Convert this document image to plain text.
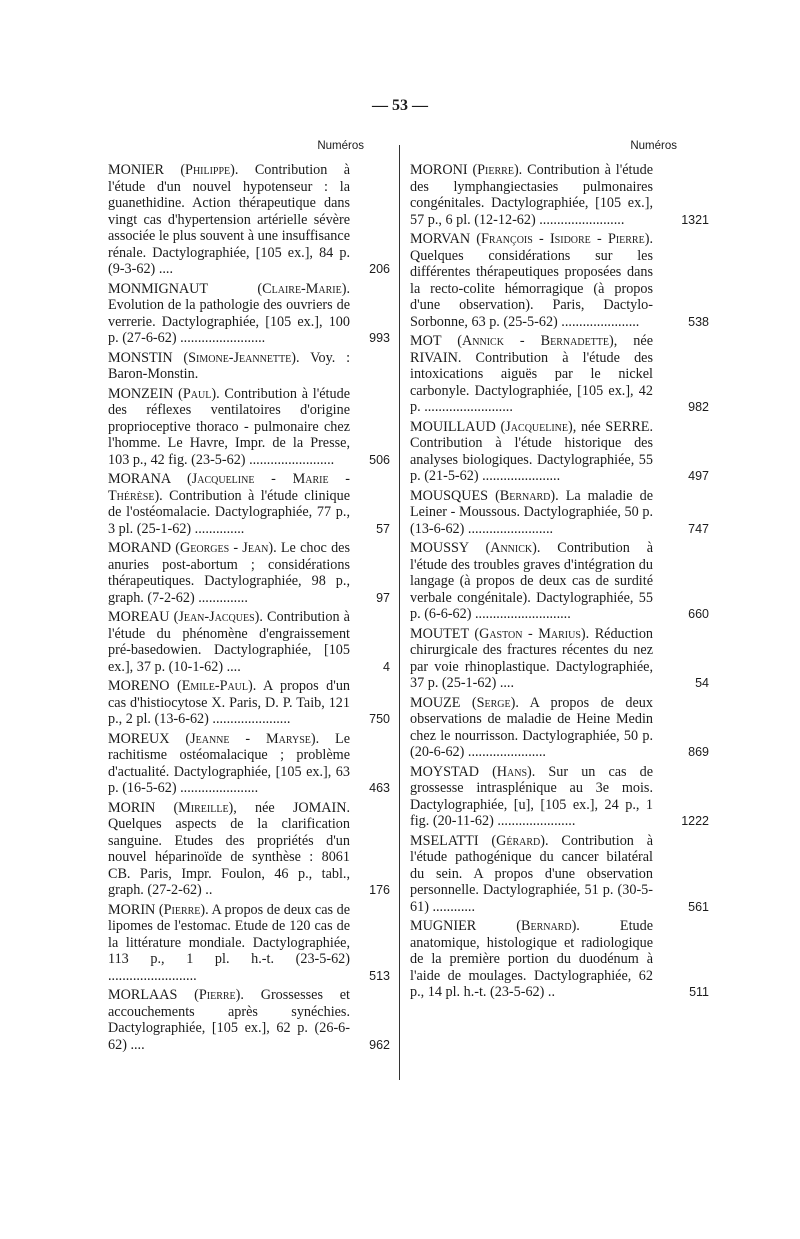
— 53 —
Numéros
MONIER (Philippe). Contribution à l'étude d'un nouvel hypotenseur : la guanethidine. Action thérapeutique dans vingt cas d'hypertension artérielle sévère associée le plus souvent à une insuffisance rénale. Dactylographiée, [105 ex.], 84 p. (9-3-62) ....	206
MONMIGNAUT (Claire-Marie). Evolution de la pathologie des ouvriers de verrerie. Dactylographiée, [105 ex.], 100 p. (27-6-62) ........................	993
MONSTIN (Simone-Jeannette). Voy. : Baron-Monstin.
MONZEIN (Paul). Contribution à l'étude des réflexes ventilatoires d'origine proprioceptive thoraco - pulmonaire chez l'homme. Le Havre, Impr. de la Presse, 103 p., 42 fig. (23-5-62) ........................	506
MORANA (Jacqueline - Marie - Thérèse). Contribution à l'étude clinique de l'ostéomalacie. Dactylographiée, 77 p., 3 pl. (25-1-62) ..............	57
MORAND (Georges - Jean). Le choc des anuries post-abortum ; considérations thérapeutiques. Dactylographiée, 98 p., graph. (7-2-62) ..............	97
MOREAU (Jean-Jacques). Contribution à l'étude du phénomène d'engraissement pré-basedowien. Dactylographiée, [105 ex.], 37 p. (10-1-62) ....	4
MORENO (Emile-Paul). A propos d'un cas d'histiocytose X. Paris, D. P. Taib, 121 p., 2 pl. (13-6-62) ......................	750
MOREUX (Jeanne - Maryse). Le rachitisme ostéomalacique ; problème d'actualité. Dactylographiée, [105 ex.], 63 p. (16-5-62) ......................	463
MORIN (Mireille), née JOMAIN. Quelques aspects de la clarification sanguine. Etudes des propriétés d'un nouvel héparinoïde de synthèse : 8061 CB. Paris, Impr. Foulon, 46 p., tabl., graph. (27-2-62) ..	176
MORIN (Pierre). A propos de deux cas de lipomes de l'estomac. Etude de 120 cas de la littérature mondiale. Dactylographiée, 113 p., 1 pl. h.-t. (23-5-62) .........................	513
MORLAAS (Pierre). Grossesses et accouchements après synéchies. Dactylographiée, [105 ex.], 62 p. (26-6-62) ....	962
Numéros
MORONI (Pierre). Contribution à l'étude des lymphangiectasies pulmonaires congénitales. Dactylographiée, [105 ex.], 57 p., 6 pl. (12-12-62) ........................	1321
MORVAN (François - Isidore - Pierre). Quelques considérations sur les différentes thérapeutiques proposées dans la recto-colite hémorragique (à propos d'une observation). Paris, Dactylo-Sorbonne, 63 p. (25-5-62) ......................	538
MOT (Annick - Bernadette), née RIVAIN. Contribution à l'étude des intoxications aiguës par le nickel carbonyle. Dactylographiée, [105 ex.], 42 p. .........................	982
MOUILLAUD (Jacqueline), née SERRE. Contribution à l'étude historique des analyses biologiques. Dactylographiée, 55 p. (21-5-62) ......................	497
MOUSQUES (Bernard). La maladie de Leiner - Moussous. Dactylographiée, 50 p. (13-6-62) ........................	747
MOUSSY (Annick). Contribution à l'étude des troubles graves d'intégration du langage (à propos de deux cas de surdité verbale congénitale). Dactylographiée, 55 p. (6-6-62) ...........................	660
MOUTET (Gaston - Marius). Réduction chirurgicale des fractures récentes du nez par voie rhinoplastique. Dactylographiée, 37 p. (25-1-62) ....	54
MOUZE (Serge). A propos de deux observations de maladie de Heine Medin chez le nourrisson. Dactylographiée, 50 p. (20-6-62) ......................	869
MOYSTAD (Hans). Sur un cas de grossesse intrasplénique au 3e mois. Dactylographiée, [u], [105 ex.], 24 p., 1 fig. (20-11-62) ......................	1222
MSELATTI (Gérard). Contribution à l'étude pathogénique du cancer bilatéral du sein. A propos d'une observation personnelle. Dactylographiée, 51 p. (30-5-61) ............	561
MUGNIER (Bernard).	Etude anatomique, histologique et radiologique de la première portion du duodénum à l'aide de moulages. Dactylographiée, 62 p., 14 pl. h.-t. (23-5-62) ..	511
